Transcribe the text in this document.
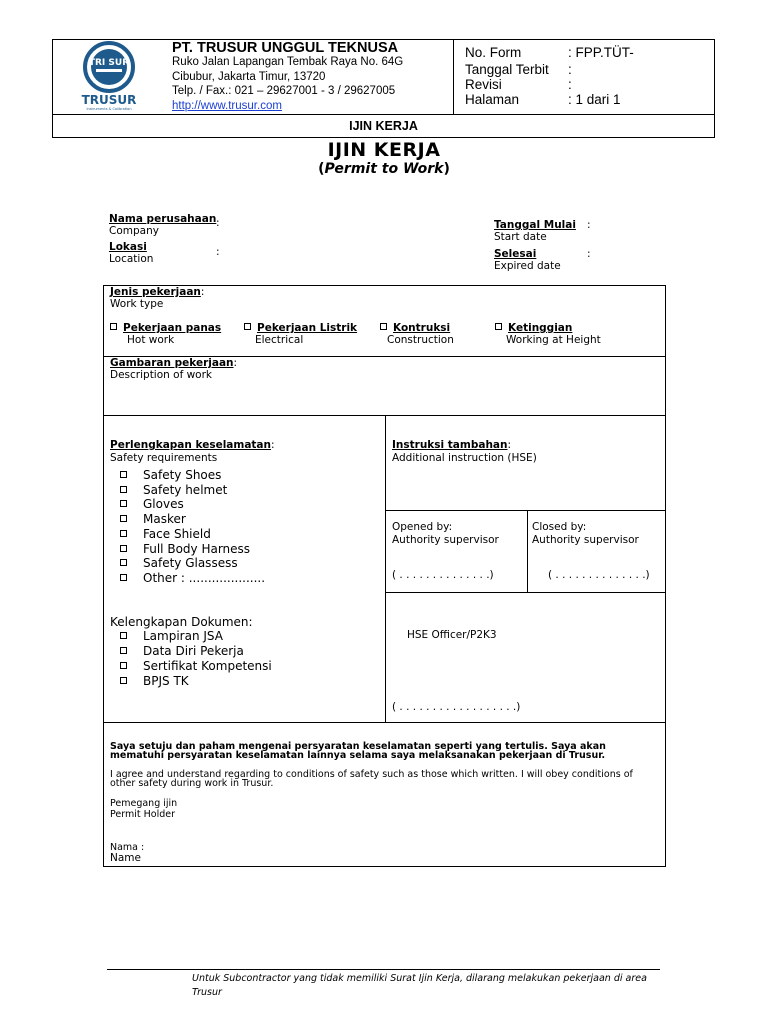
TRI SUR
TRUSUR
Instruments & Calibration
PT. TRUSUR UNGGUL TEKNUSA
Ruko Jalan Lapangan Tembak Raya No. 64G
Cibubur, Jakarta Timur, 13720
Telp. / Fax.: 021 – 29627001 - 3 / 29627005
http://www.trusur.com
No. Form	: FPP.TÜT-
Tanggal Terbit :
Revisi	:
Halaman	: 1 dari 1
IJIN KERJA
IJIN KERJA
(Permit to Work)
Nama perusahaan
Company
:
Lokasi
Location
:
Tanggal Mulai
Start date
:
Selesai
Expired date
:
Jenis pekerjaan:
Work type
Pekerjaan panas
Hot work
Pekerjaan Listrik
Electrical
Kontruksi
Construction
Ketinggian
Working at Height
Gambaran pekerjaan:
Description of work
Perlengkapan keselamatan:
Safety requirements
Safety Shoes
Safety helmet
Gloves
Masker
Face Shield
Full Body Harness
Safety Glassess
Other : ....................
Kelengkapan Dokumen:
Lampiran JSA
Data Diri Pekerja
Sertifikat Kompetensi
BPJS TK
Instruksi tambahan:
Additional instruction (HSE)
Opened by:
Authority supervisor
( . . . . . . . . . . . . . .)
Closed by:
Authority supervisor
( . . . . . . . . . . . . . .)
HSE Officer/P2K3
( . . . . . . . . . . . . . . . . . .)
Saya setuju dan paham mengenai persyaratan keselamatan seperti yang tertulis. Saya akan mematuhi persyaratan keselamatan lainnya selama saya melaksanakan pekerjaan di Trusur.
I agree and understand regarding to conditions of safety such as those which written. I will obey conditions of other safety during work in Trusur.
Pemegang ijin
Permit Holder
Nama :
Name
Untuk Subcontractor yang tidak memiliki Surat Ijin Kerja, dilarang melakukan pekerjaan di area Trusur
